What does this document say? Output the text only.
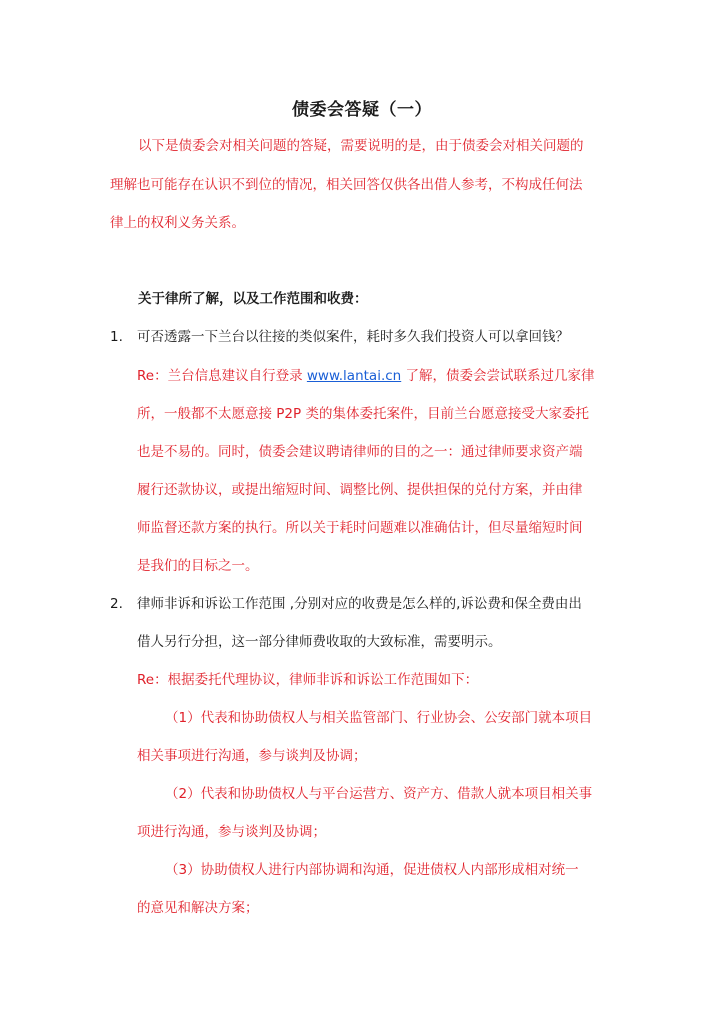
债委会答疑（一）
以下是债委会对相关问题的答疑，需要说明的是，由于债委会对相关问题的
理解也可能存在认识不到位的情况，相关回答仅供各出借人参考，不构成任何法
律上的权利义务关系。
关于律所了解，以及工作范围和收费：
1. 可否透露一下兰台以往接的类似案件，耗时多久我们投资人可以拿回钱？
Re：兰台信息建议自行登录 www.lantai.cn 了解，债委会尝试联系过几家律
所，一般都不太愿意接 P2P 类的集体委托案件，目前兰台愿意接受大家委托
也是不易的。同时，债委会建议聘请律师的目的之一：通过律师要求资产端
履行还款协议，或提出缩短时间、调整比例、提供担保的兑付方案，并由律
师监督还款方案的执行。所以关于耗时问题难以准确估计，但尽量缩短时间
是我们的目标之一。
2. 律师非诉和诉讼工作范围 ,分别对应的收费是怎么样的,诉讼费和保全费由出
借人另行分担，这一部分律师费收取的大致标准，需要明示。
Re：根据委托代理协议，律师非诉和诉讼工作范围如下：
（1）代表和协助债权人与相关监管部门、行业协会、公安部门就本项目
相关事项进行沟通，参与谈判及协调；
（2）代表和协助债权人与平台运营方、资产方、借款人就本项目相关事
项进行沟通，参与谈判及协调；
（3）协助债权人进行内部协调和沟通，促进债权人内部形成相对统一
的意见和解决方案；
